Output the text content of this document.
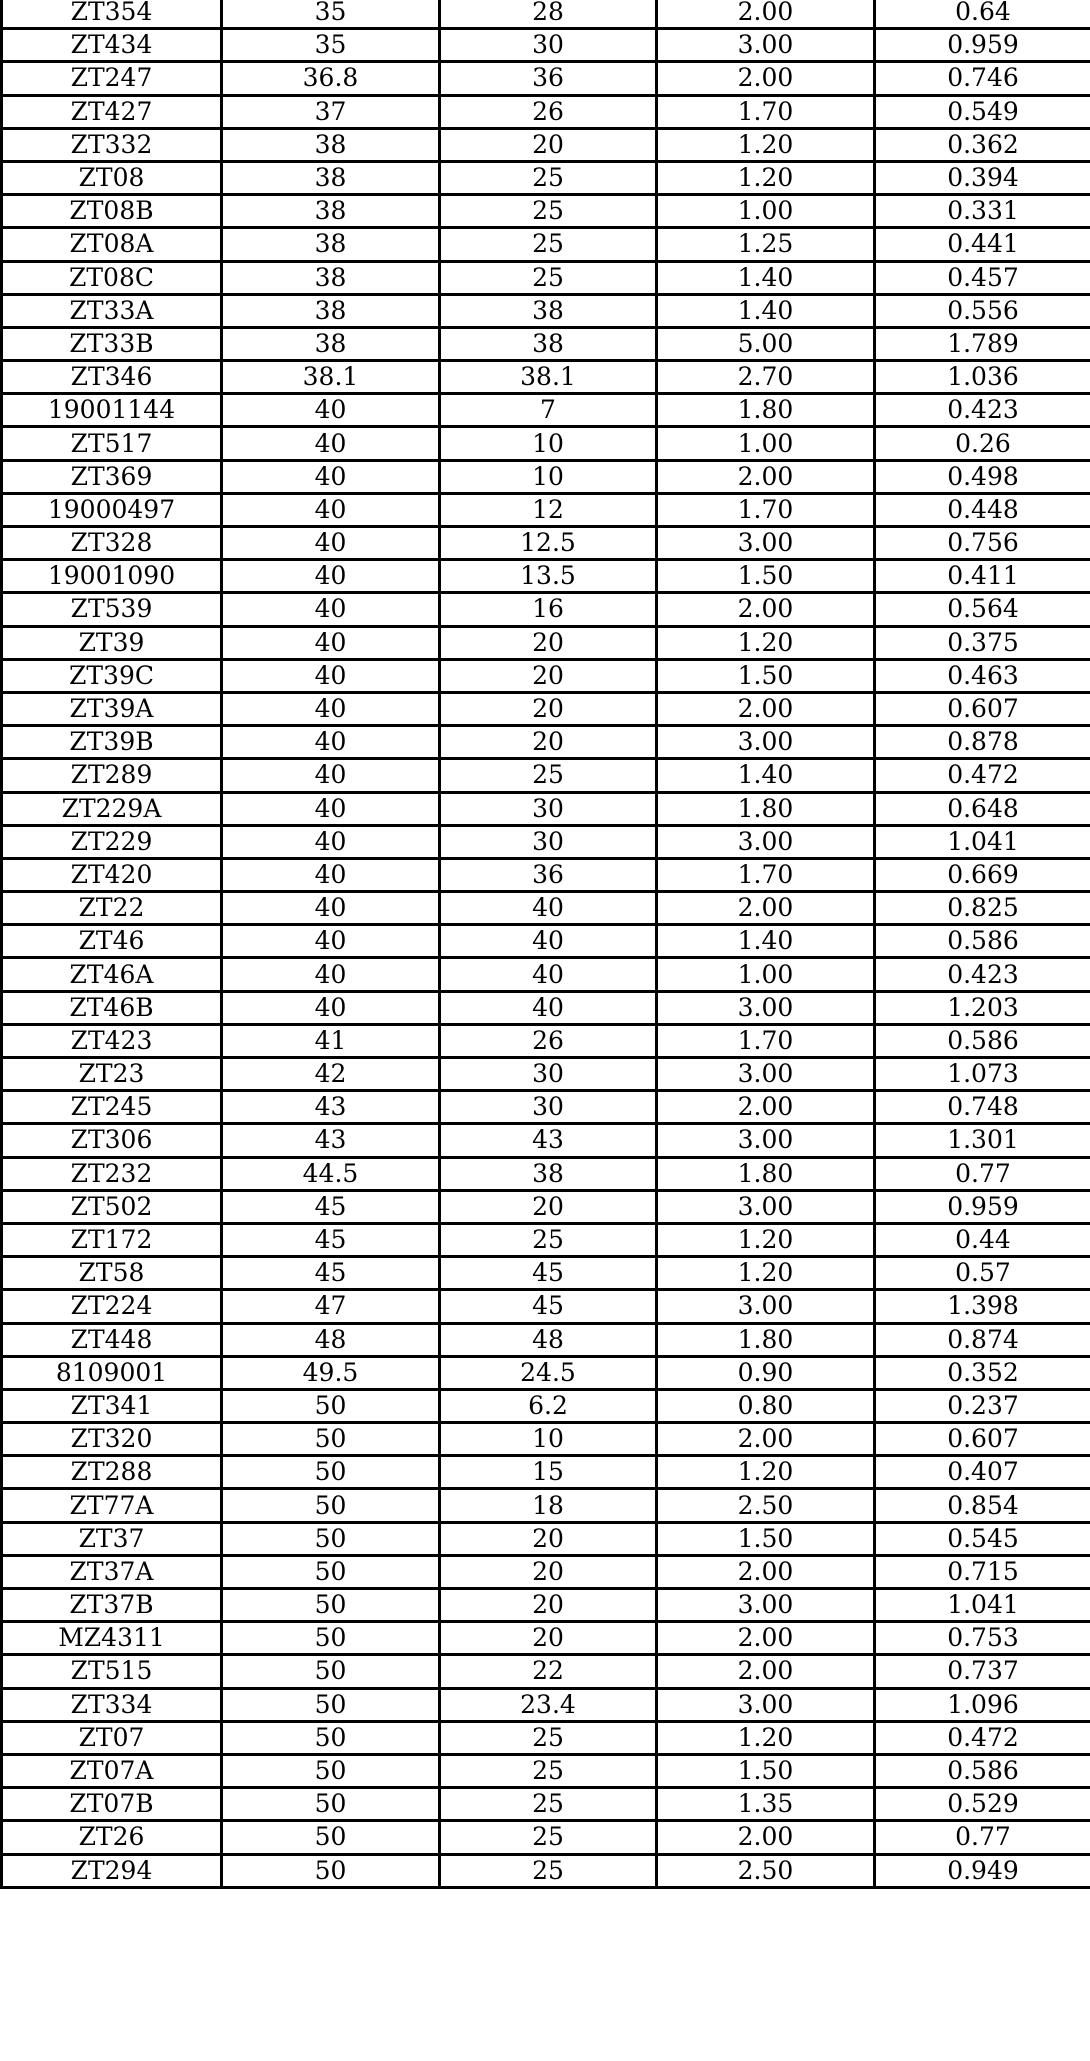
ZT354	35	28	2.00	0.64
ZT434	35	30	3.00	0.959
ZT247	36.8	36	2.00	0.746
ZT427	37	26	1.70	0.549
ZT332	38	20	1.20	0.362
ZT08	38	25	1.20	0.394
ZT08B	38	25	1.00	0.331
ZT08A	38	25	1.25	0.441
ZT08C	38	25	1.40	0.457
ZT33A	38	38	1.40	0.556
ZT33B	38	38	5.00	1.789
ZT346	38.1	38.1	2.70	1.036
19001144	40	7	1.80	0.423
ZT517	40	10	1.00	0.26
ZT369	40	10	2.00	0.498
19000497	40	12	1.70	0.448
ZT328	40	12.5	3.00	0.756
19001090	40	13.5	1.50	0.411
ZT539	40	16	2.00	0.564
ZT39	40	20	1.20	0.375
ZT39C	40	20	1.50	0.463
ZT39A	40	20	2.00	0.607
ZT39B	40	20	3.00	0.878
ZT289	40	25	1.40	0.472
ZT229A	40	30	1.80	0.648
ZT229	40	30	3.00	1.041
ZT420	40	36	1.70	0.669
ZT22	40	40	2.00	0.825
ZT46	40	40	1.40	0.586
ZT46A	40	40	1.00	0.423
ZT46B	40	40	3.00	1.203
ZT423	41	26	1.70	0.586
ZT23	42	30	3.00	1.073
ZT245	43	30	2.00	0.748
ZT306	43	43	3.00	1.301
ZT232	44.5	38	1.80	0.77
ZT502	45	20	3.00	0.959
ZT172	45	25	1.20	0.44
ZT58	45	45	1.20	0.57
ZT224	47	45	3.00	1.398
ZT448	48	48	1.80	0.874
8109001	49.5	24.5	0.90	0.352
ZT341	50	6.2	0.80	0.237
ZT320	50	10	2.00	0.607
ZT288	50	15	1.20	0.407
ZT77A	50	18	2.50	0.854
ZT37	50	20	1.50	0.545
ZT37A	50	20	2.00	0.715
ZT37B	50	20	3.00	1.041
MZ4311	50	20	2.00	0.753
ZT515	50	22	2.00	0.737
ZT334	50	23.4	3.00	1.096
ZT07	50	25	1.20	0.472
ZT07A	50	25	1.50	0.586
ZT07B	50	25	1.35	0.529
ZT26	50	25	2.00	0.77
ZT294	50	25	2.50	0.949
